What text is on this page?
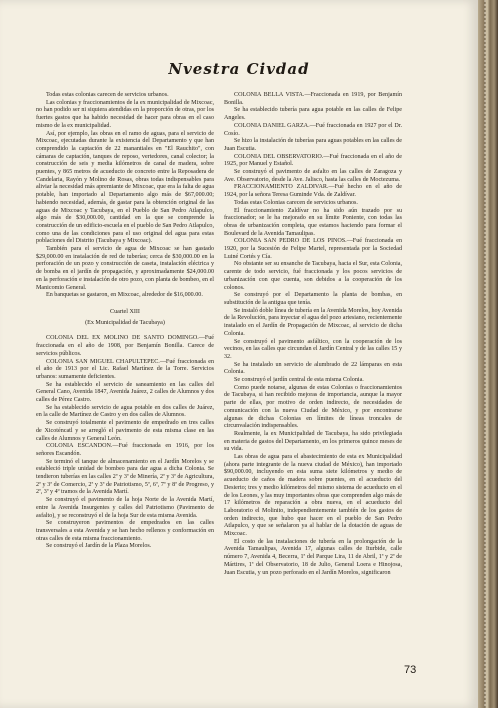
Nvestra Civdad

Todas estas colonias carecen de servicios urbanos.

Las colonias y fraccionamientos de la ex municipalidad de Mixcoac, no han podido ser ni siquiera atendidas en la proporción de otras, por los fuertes gastos que ha habido necesidad de hacer para obras en el caso mismo de la ex municipalidad.

Así, por ejemplo, las obras en el ramo de aguas, para el servicio de Mixcoac, ejecutadas durante la existencia del Departamento y que han comprendido la captación de 22 manantiales en "El Rauchito", con cámaras de captación, tanques de reposo, vertedores, canal colector; la construcción de seis y media kilómetros de canal de madera, sobre puentes, y 865 metros de acueducto de concreto entre la Reposadera de Candelaria, Rayón y Molino de Rosas, obras todas indispensables para aliviar la necesidad más apremiante de Mixcoac, que era la falta de agua potable, han importado al Departamento algo más de $67,000.00; habiendo necesidad, además, de gastar para la obtención original de las aguas de Mixcoac y Tacubaya, en el Pueblo de San Pedro Atlapulco, algo más de $30,000.00, cantidad en la que se comprende la construcción de un edificio-escuela en el pueblo de San Pedro Atlapulco, como una de las condiciones para el uso original del agua para estas poblaciones del Distrito (Tacubaya y Mixcoac).

También para el servicio de agua de Mixcoac se han gastado $29,000.00 en instalación de red de tuberías; cerca de $30,000.00 en la perforación de un pozo y construcción de caseta, instalación eléctrica y de bomba en el jardín de propagación, y aproximadamente $24,000.00 en la perforación e instalación de otro pozo, con planta de bombeo, en el Manicomio General.

En banquetas se gastaron, en Mixcoac, alrededor de $16,000.00.

Cuartel XIII

(Ex Municipalidad de Tacubaya)

COLONIA DEL EX MOLINO DE SANTO DOMINGO.—Fué fraccionada en el año de 1908, por Benjamín Bonilla. Carece de servicios públicos.

COLONIA SAN MIGUEL CHAPULTEPEC.—Fué fraccionada en el año de 1913 por el Lic. Rafael Martínez de la Torre. Servicios urbanos: sumamente deficientes.

Se ha establecido el servicio de saneamiento en las calles del General Cano, Avenida 1847, Avenida Juárez, 2 calles de Alumnos y dos calles de Pérez Castro.

Se ha establecido servicio de agua potable en dos calles de Juárez, en la calle de Martínez de Castro y en dos calles de Alumnos.

Se construyó totalmente el pavimento de empedrado en tres calles de Xicoténcatl y se arregló el pavimento de esta misma clase en las calles de Alumnos y General León.

COLONIA ESCANDON.—Fué fraccionada en 1916, por los señores Escandón.

Se terminó el tanque de almacenamiento en el Jardín Morelos y se estableció triple unidad de bombeo para dar agua a dicha Colonia. Se tendieron tuberías en las calles 2ª y 3ª de Minería, 2ª y 3ª de Agricultura, 2ª y 3ª de Comercio, 2ª y 3ª de Patriotismo, 5ª, 6ª, 7ª y 8ª de Progreso, y 2ª, 3ª y 4º tramos de la Avenida Martí.

Se construyó el pavimento de la hoja Norte de la Avenida Martí, entre la Avenida Insurgentes y calles del Patriotismo (Pavimento de asfalto), y se reconstruyó el de la hoja Sur de esta misma Avenida.

Se construyeron pavimentos de empedrados en las calles transversales a esta Avenida y se han hecho rellenos y conformación en otras calles de esta misma fraccionamiento.

Se construyó el Jardín de la Plaza Morelos.

COLONIA BELLA VISTA.—Fraccionada en 1919, por Benjamín Bonilla.

Se ha establecido tubería para agua potable en las calles de Felipe Angeles.

COLONIA DANIEL GARZA.—Fué fraccionada en 1927 por el Dr. Cosío.

Se hizo la instalación de tuberías para aguas potables en las calles de Juan Escutia.

COLONIA DEL OBSERVATORIO.—Fué fraccionada en el año de 1925, por Manuel y Estañol.

Se construyó el pavimento de asfalto en las calles de Zaragoza y Ave. Observatorio, desde la Ave. Jalisco, hasta las calles de Moctezuma.

FRACCIONAMIENTO ZALDIVAR.—Fué hecho en el año de 1924, por la señora Teresa Guminde Vda. de Zaldívar.

Todas estas Colonias carecen de servicios urbanos.

El fraccionamiento Zaldívar no ha sido aún trazado por su fraccionador; se le ha mejorado en su límite Poniente, con todas las obras de urbanización completa, que estamos haciendo para formar el Boulevard de la Avenida Tamaulipas.

COLONIA SAN PEDRO DE LOS PINOS.—Fué fraccionada en 1920, por la Sucesión de Felipe Martel, representada por la Sociedad Luiné Cortés y Cía.

No obstante ser su ensanche de Tacubaya, hacia el Sur, esta Colonia, carente de todo servicio, fué fraccionada y los pocos servicios de urbanización con que cuenta, son debidos a la cooperación de los colonos.

Se construyó por el Departamento la planta de bombas, en substitución de la antigua que tenía.

Se instaló doble línea de tubería en la Avenida Morelos, hoy Avenida de la Revolución, para inyectar el agua del pozo artesiano, recientemente instalado en el Jardín de Propagación de Mixcoac, al servicio de dicha Colonia.

Se construyó el pavimento asfáltico, con la cooperación de los vecinos, en las calles que circundan el Jardín Central y de las calles 15 y 32.

Se ha instalado un servicio de alumbrado de 22 lámparas en esta Colonia.

Se construyó el jardín central de esta misma Colonia.

Como puede notarse, algunas de estas Colonias o fraccionamientos de Tacubaya, si han recibido mejoras de importancia, aunque la mayor parte de ellas, por motivo de orden indirecto, de necesidades de comunicación con la nueva Ciudad de México, y por encontrarse algunas de dichas Colonias en límites de líneas troncales de circunvalación indispensables.

Realmente, la ex Municipalidad de Tacubaya, ha sido privilegiada en materia de gastos del Departamento, en los primeros quince meses de su vida.

Las obras de agua para el abastecimiento de esta ex Municipalidad (ahora parte integrante de la nueva ciudad de México), han importado $90,000.00, incluyendo en esta suma siete kilómetros y medio de acueducto de caños de madera sobre puentes, en el acueducto del Desierto; tres y medio kilómetros del mismo sistema de acueducto en el de los Leones, y las muy importantes obras que comprenden algo más de 17 kilómetros de reparación a obra nueva, en el acueducto del Laboratorio el Molinito, independientemente también de los gastos de orden indirecto, que hubo que hacer en el pueblo de San Pedro Atlapulco, y que se señalaron ya al hablar de la dotación de aguas de Mixcoac.

El costo de las instalaciones de tubería en la prolongación de la Avenida Tamaulipas, Avenida 17, algunas calles de Iturbide, calle número 7, Avenida 4, Becerra, 1ª del Parque Lira, 11 de Abril, 1ª y 2ª de Mártires, 1ª del Observatorio, 18 de Julio, General Loera e Hinojosa, Juan Escutia, y un pozo perforado en el Jardín Morelos, significaron

73
